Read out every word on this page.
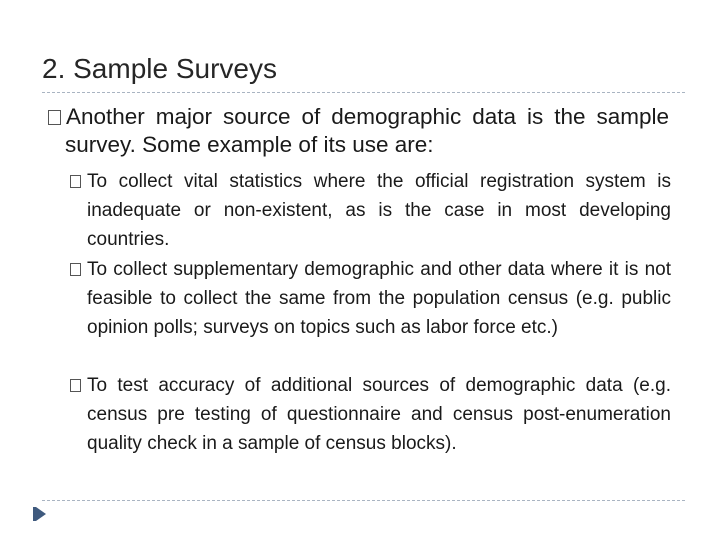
2. Sample Surveys
Another major source of demographic data is the sample survey. Some example of its use are:
To collect vital statistics where the official registration system is inadequate or non-existent, as is the case in most developing countries.
To collect supplementary demographic and other data where it is not feasible to collect the same from the population census (e.g. public opinion polls; surveys on topics such as labor force etc.)
To test accuracy of additional sources of demographic data (e.g. census pre testing of questionnaire and census post-enumeration quality check in a sample of census blocks).
